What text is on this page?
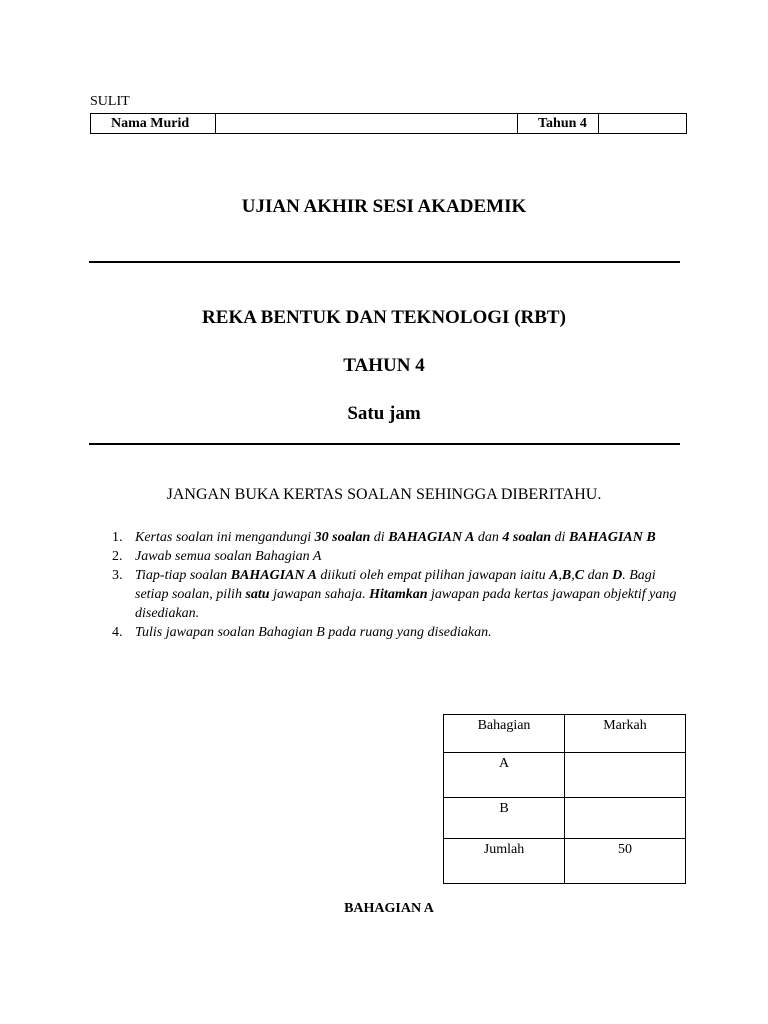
SULIT
Nama Murid		Tahun 4	
UJIAN AKHIR SESI AKADEMIK
REKA BENTUK DAN TEKNOLOGI (RBT)
TAHUN 4
Satu jam
JANGAN BUKA KERTAS SOALAN SEHINGGA DIBERITAHU.
1. Kertas soalan ini mengandungi 30 soalan di BAHAGIAN A dan 4 soalan di BAHAGIAN B
2. Jawab semua soalan Bahagian A
3. Tiap-tiap soalan BAHAGIAN A diikuti oleh empat pilihan jawapan iaitu A,B,C dan D. Bagi setiap soalan, pilih satu jawapan sahaja. Hitamkan jawapan pada kertas jawapan objektif yang disediakan.
4. Tulis jawapan soalan Bahagian B pada ruang yang disediakan.
Bahagian	Markah
A	
B	
Jumlah	50
BAHAGIAN A
